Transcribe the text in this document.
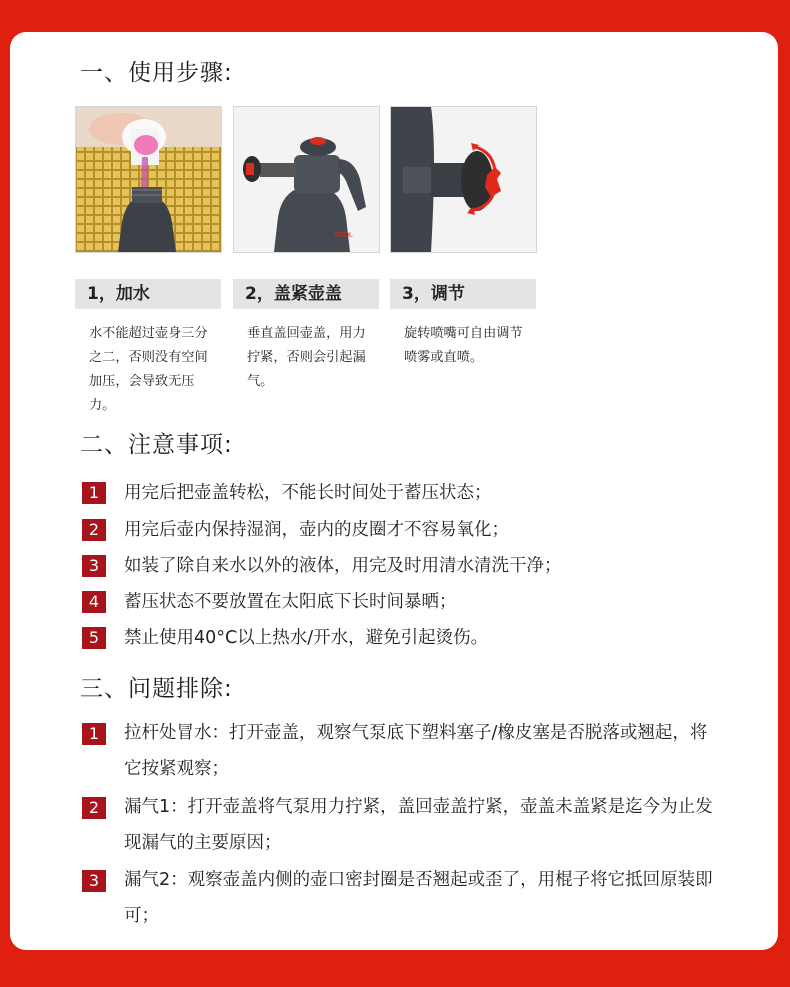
一、使用步骤:
TOOL
1，加水	2，盖紧壶盖	3，调节

水不能超过壶身三分之二，否则没有空间加压，会导致无压力。

垂直盖回壶盖，用力拧紧，否则会引起漏气。

旋转喷嘴可自由调节喷雾或直喷。

二、注意事项:
1	用完后把壶盖转松，不能长时间处于蓄压状态；
2	用完后壶内保持湿润，壶内的皮圈才不容易氧化；
3	如装了除自来水以外的液体，用完及时用清水清洗干净；
4	蓄压状态不要放置在太阳底下长时间暴晒；
5	禁止使用40°C以上热水/开水，避免引起烫伤。
三、问题排除:
1	拉杆处冒水：打开壶盖，观察气泵底下塑料塞子/橡皮塞是否脱落或翘起，将它按紧观察；
2	漏气1：打开壶盖将气泵用力拧紧，盖回壶盖拧紧，壶盖未盖紧是迄今为止发现漏气的主要原因；
3	漏气2：观察壶盖内侧的壶口密封圈是否翘起或歪了，用棍子将它抵回原装即可；
